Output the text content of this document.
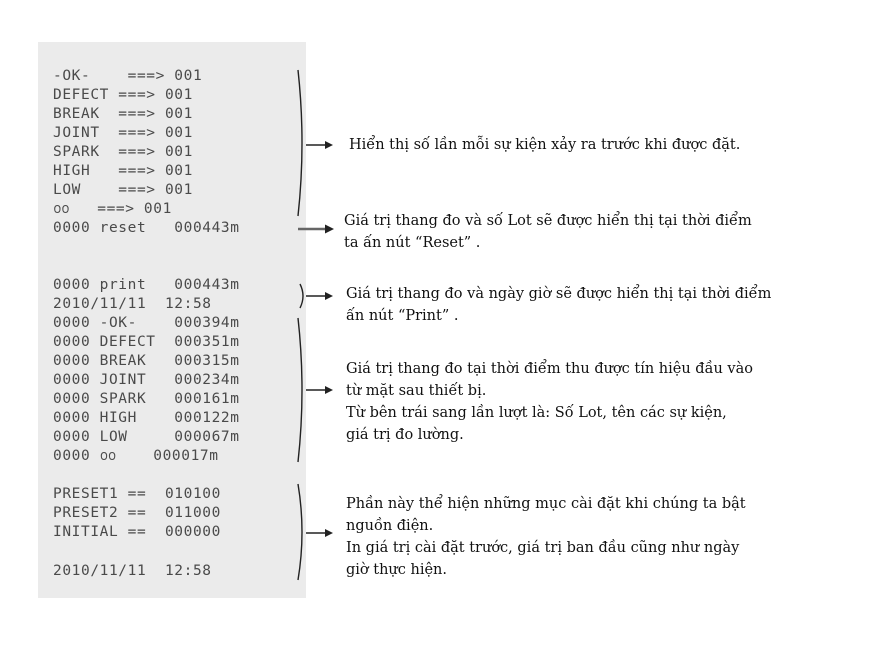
-OK-    ===> 001
DEFECT ===> 001
BREAK  ===> 001
JOINT  ===> 001
SPARK  ===> 001
HIGH   ===> 001
LOW    ===> 001
൦൦   ===> 001
0000 reset   000443m
0000 print   000443m
2010/11/11  12:58
0000 -OK-    000394m
0000 DEFECT  000351m
0000 BREAK   000315m
0000 JOINT   000234m
0000 SPARK   000161m
0000 HIGH    000122m
0000 LOW     000067m
0000 ൦൦    000017m
PRESET1 ==  010100
PRESET2 ==  011000
INITIAL ==  000000
2010/11/11  12:58
Hiển thị số lần mỗi sự kiện xảy ra trước khi được đặt.
Giá trị thang đo và số Lot sẽ được hiển thị tại thời điểm
ta ấn nút “Reset” .
Giá trị thang đo và ngày giờ sẽ được hiển thị tại thời điểm
ấn nút “Print” .
Giá trị thang đo tại thời điểm thu được tín hiệu đầu vào
từ mặt sau thiết bị.
Từ bên trái sang lần lượt là: Số Lot, tên các sự kiện,
giá trị đo lường.
Phần này thể hiện những mục cài đặt khi chúng ta bật
nguồn điện.
In giá trị cài đặt trước, giá trị ban đầu cũng như ngày
giờ thực hiện.
